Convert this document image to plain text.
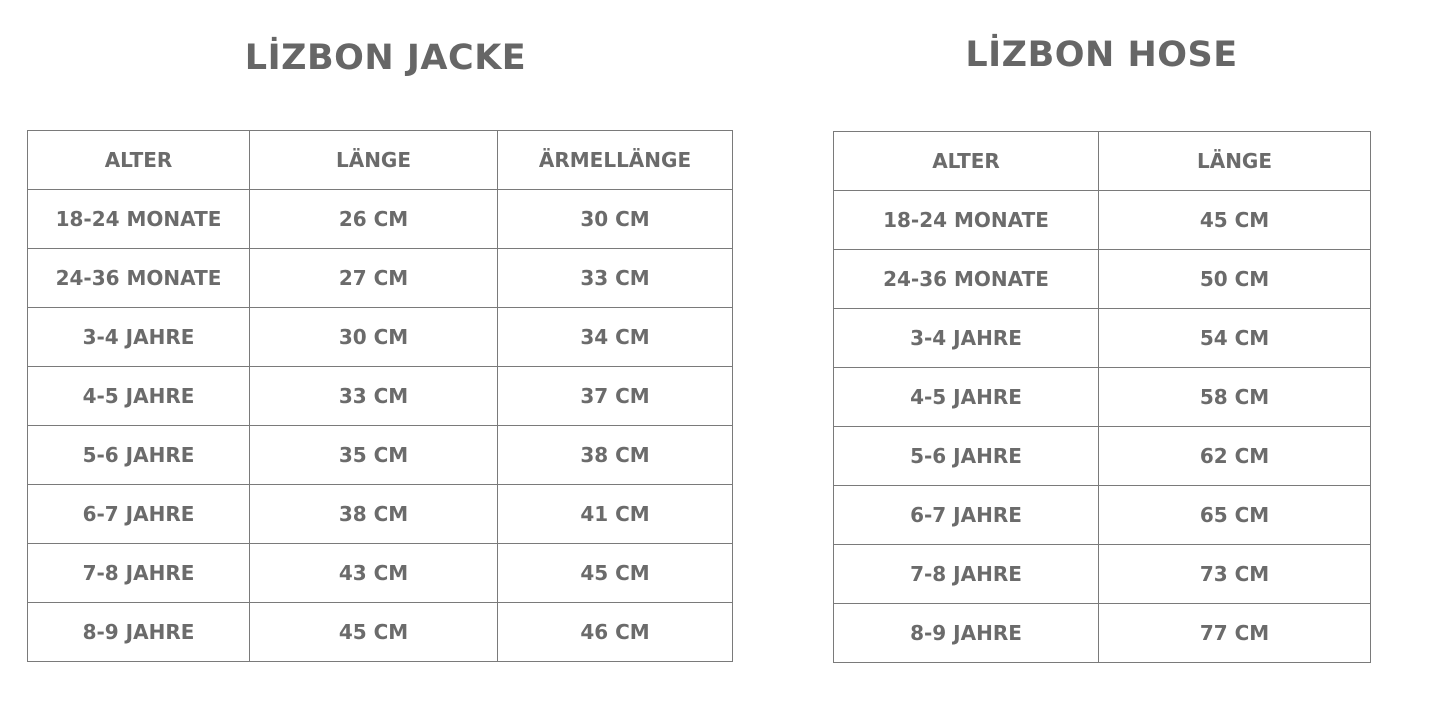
LİZBON JACKE
ALTER	LÄNGE	ÄRMELLÄNGE
18-24 MONATE	26 CM	30 CM
24-36 MONATE	27 CM	33 CM
3-4 JAHRE	30 CM	34 CM
4-5 JAHRE	33 CM	37 CM
5-6 JAHRE	35 CM	38 CM
6-7 JAHRE	38 CM	41 CM
7-8 JAHRE	43 CM	45 CM
8-9 JAHRE	45 CM	46 CM
LİZBON HOSE
ALTER	LÄNGE
18-24 MONATE	45 CM
24-36 MONATE	50 CM
3-4 JAHRE	54 CM
4-5 JAHRE	58 CM
5-6 JAHRE	62 CM
6-7 JAHRE	65 CM
7-8 JAHRE	73 CM
8-9 JAHRE	77 CM
